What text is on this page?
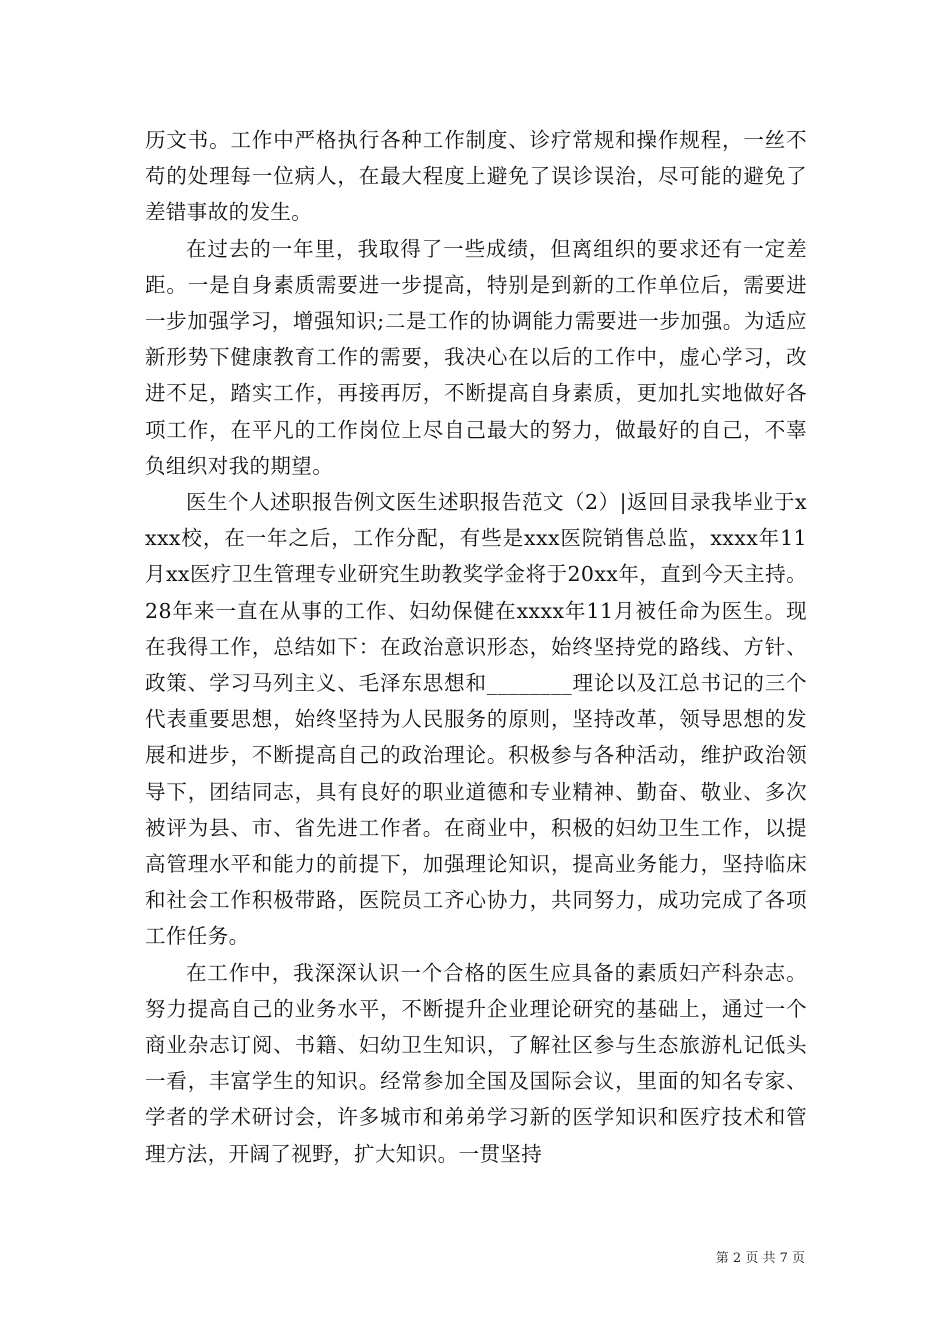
历文书。工作中严格执行各种工作制度、诊疗常规和操作规程，一丝不苟的处理每一位病人，在最大程度上避免了误诊误治，尽可能的避免了差错事故的发生。

在过去的一年里，我取得了一些成绩，但离组织的要求还有一定差距。一是自身素质需要进一步提高，特别是到新的工作单位后，需要进一步加强学习，增强知识;二是工作的协调能力需要进一步加强。为适应新形势下健康教育工作的需要，我决心在以后的工作中，虚心学习，改进不足，踏实工作，再接再厉，不断提高自身素质，更加扎实地做好各项工作，在平凡的工作岗位上尽自己最大的努力，做最好的自己，不辜负组织对我的期望。

医生个人述职报告例文医生述职报告范文（2）|返回目录我毕业于xxxx校，在一年之后，工作分配，有些是xxx医院销售总监，xxxx年11月xx医疗卫生管理专业研究生助教奖学金将于20xx年，直到今天主持。28年来一直在从事的工作、妇幼保健在xxxx年11月被任命为医生。现在我得工作，总结如下：在政治意识形态，始终坚持党的路线、方针、政策、学习马列主义、毛泽东思想和________理论以及江总书记的三个代表重要思想，始终坚持为人民服务的原则，坚持改革，领导思想的发展和进步，不断提高自己的政治理论。积极参与各种活动，维护政治领导下，团结同志，具有良好的职业道德和专业精神、勤奋、敬业、多次被评为县、市、省先进工作者。在商业中，积极的妇幼卫生工作，以提高管理水平和能力的前提下，加强理论知识，提高业务能力，坚持临床和社会工作积极带路，医院员工齐心协力，共同努力，成功完成了各项工作任务。

在工作中，我深深认识一个合格的医生应具备的素质妇产科杂志。努力提高自己的业务水平，不断提升企业理论研究的基础上，通过一个商业杂志订阅、书籍、妇幼卫生知识，了解社区参与生态旅游札记低头一看，丰富学生的知识。经常参加全国及国际会议，里面的知名专家、学者的学术研讨会，许多城市和弟弟学习新的医学知识和医疗技术和管理方法，开阔了视野，扩大知识。一贯坚持

第 2 页 共 7 页
